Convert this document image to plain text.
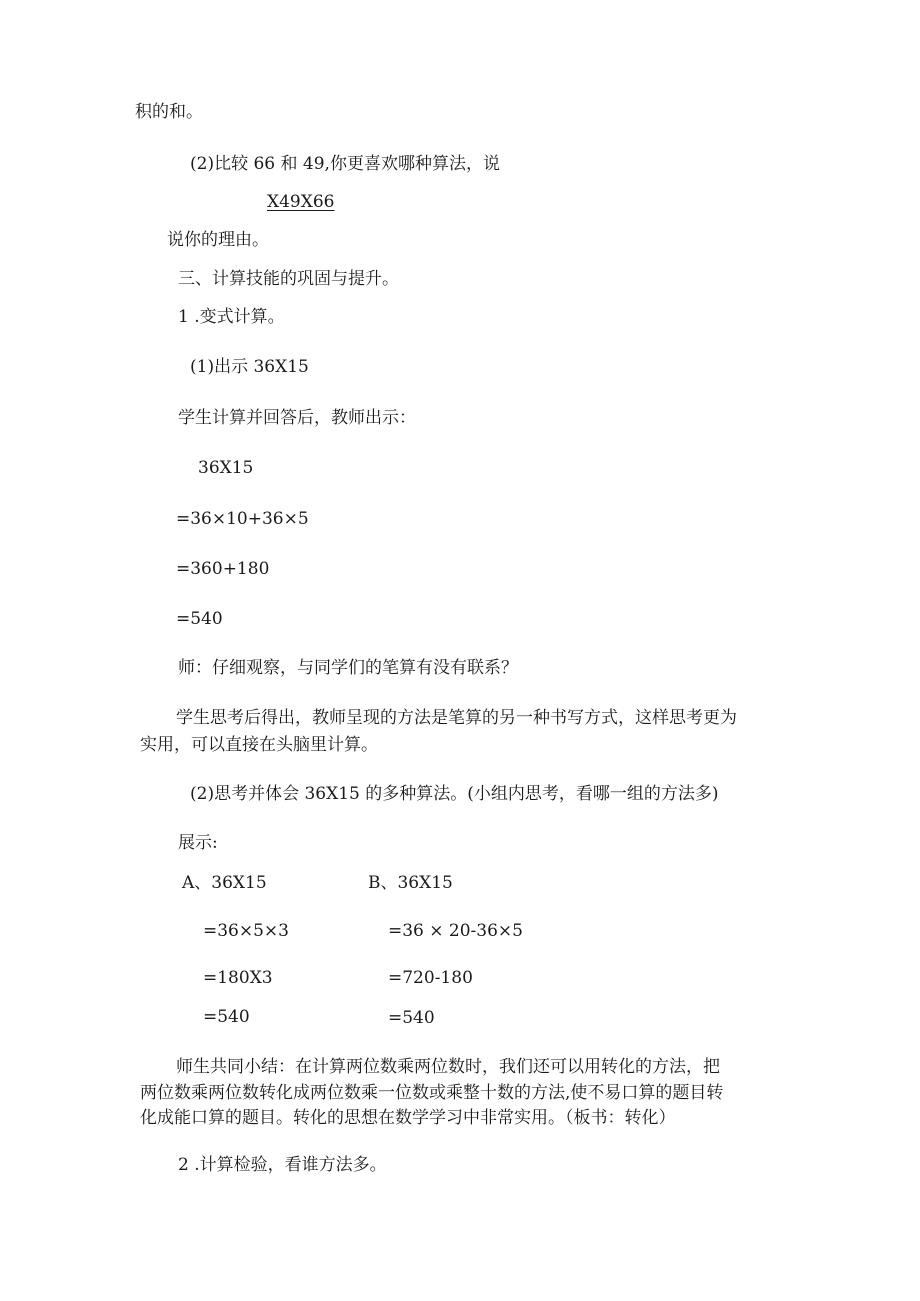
积的和。
(2)比较 66 和 49,你更喜欢哪种算法，说
X49X66
说你的理由。
三、计算技能的巩固与提升。
1 .变式计算。
(1)出示 36X15
学生计算并回答后，教师出示：
36X15
=36×10+36×5
=360+180
=540
师：仔细观察，与同学们的笔算有没有联系？
学生思考后得出，教师呈现的方法是笔算的另一种书写方式，这样思考更为
实用，可以直接在头脑里计算。
(2)思考并体会 36X15 的多种算法。(小组内思考，看哪一组的方法多)
展示:
A、36X15
=36×5×3
=180X3
=540
B、36X15
=36 × 20-36×5
=720-180
=540
师生共同小结：在计算两位数乘两位数时，我们还可以用转化的方法，把
两位数乘两位数转化成两位数乘一位数或乘整十数的方法,使不易口算的题目转
化成能口算的题目。转化的思想在数学学习中非常实用。（板书：转化）
2 .计算检验，看谁方法多。
